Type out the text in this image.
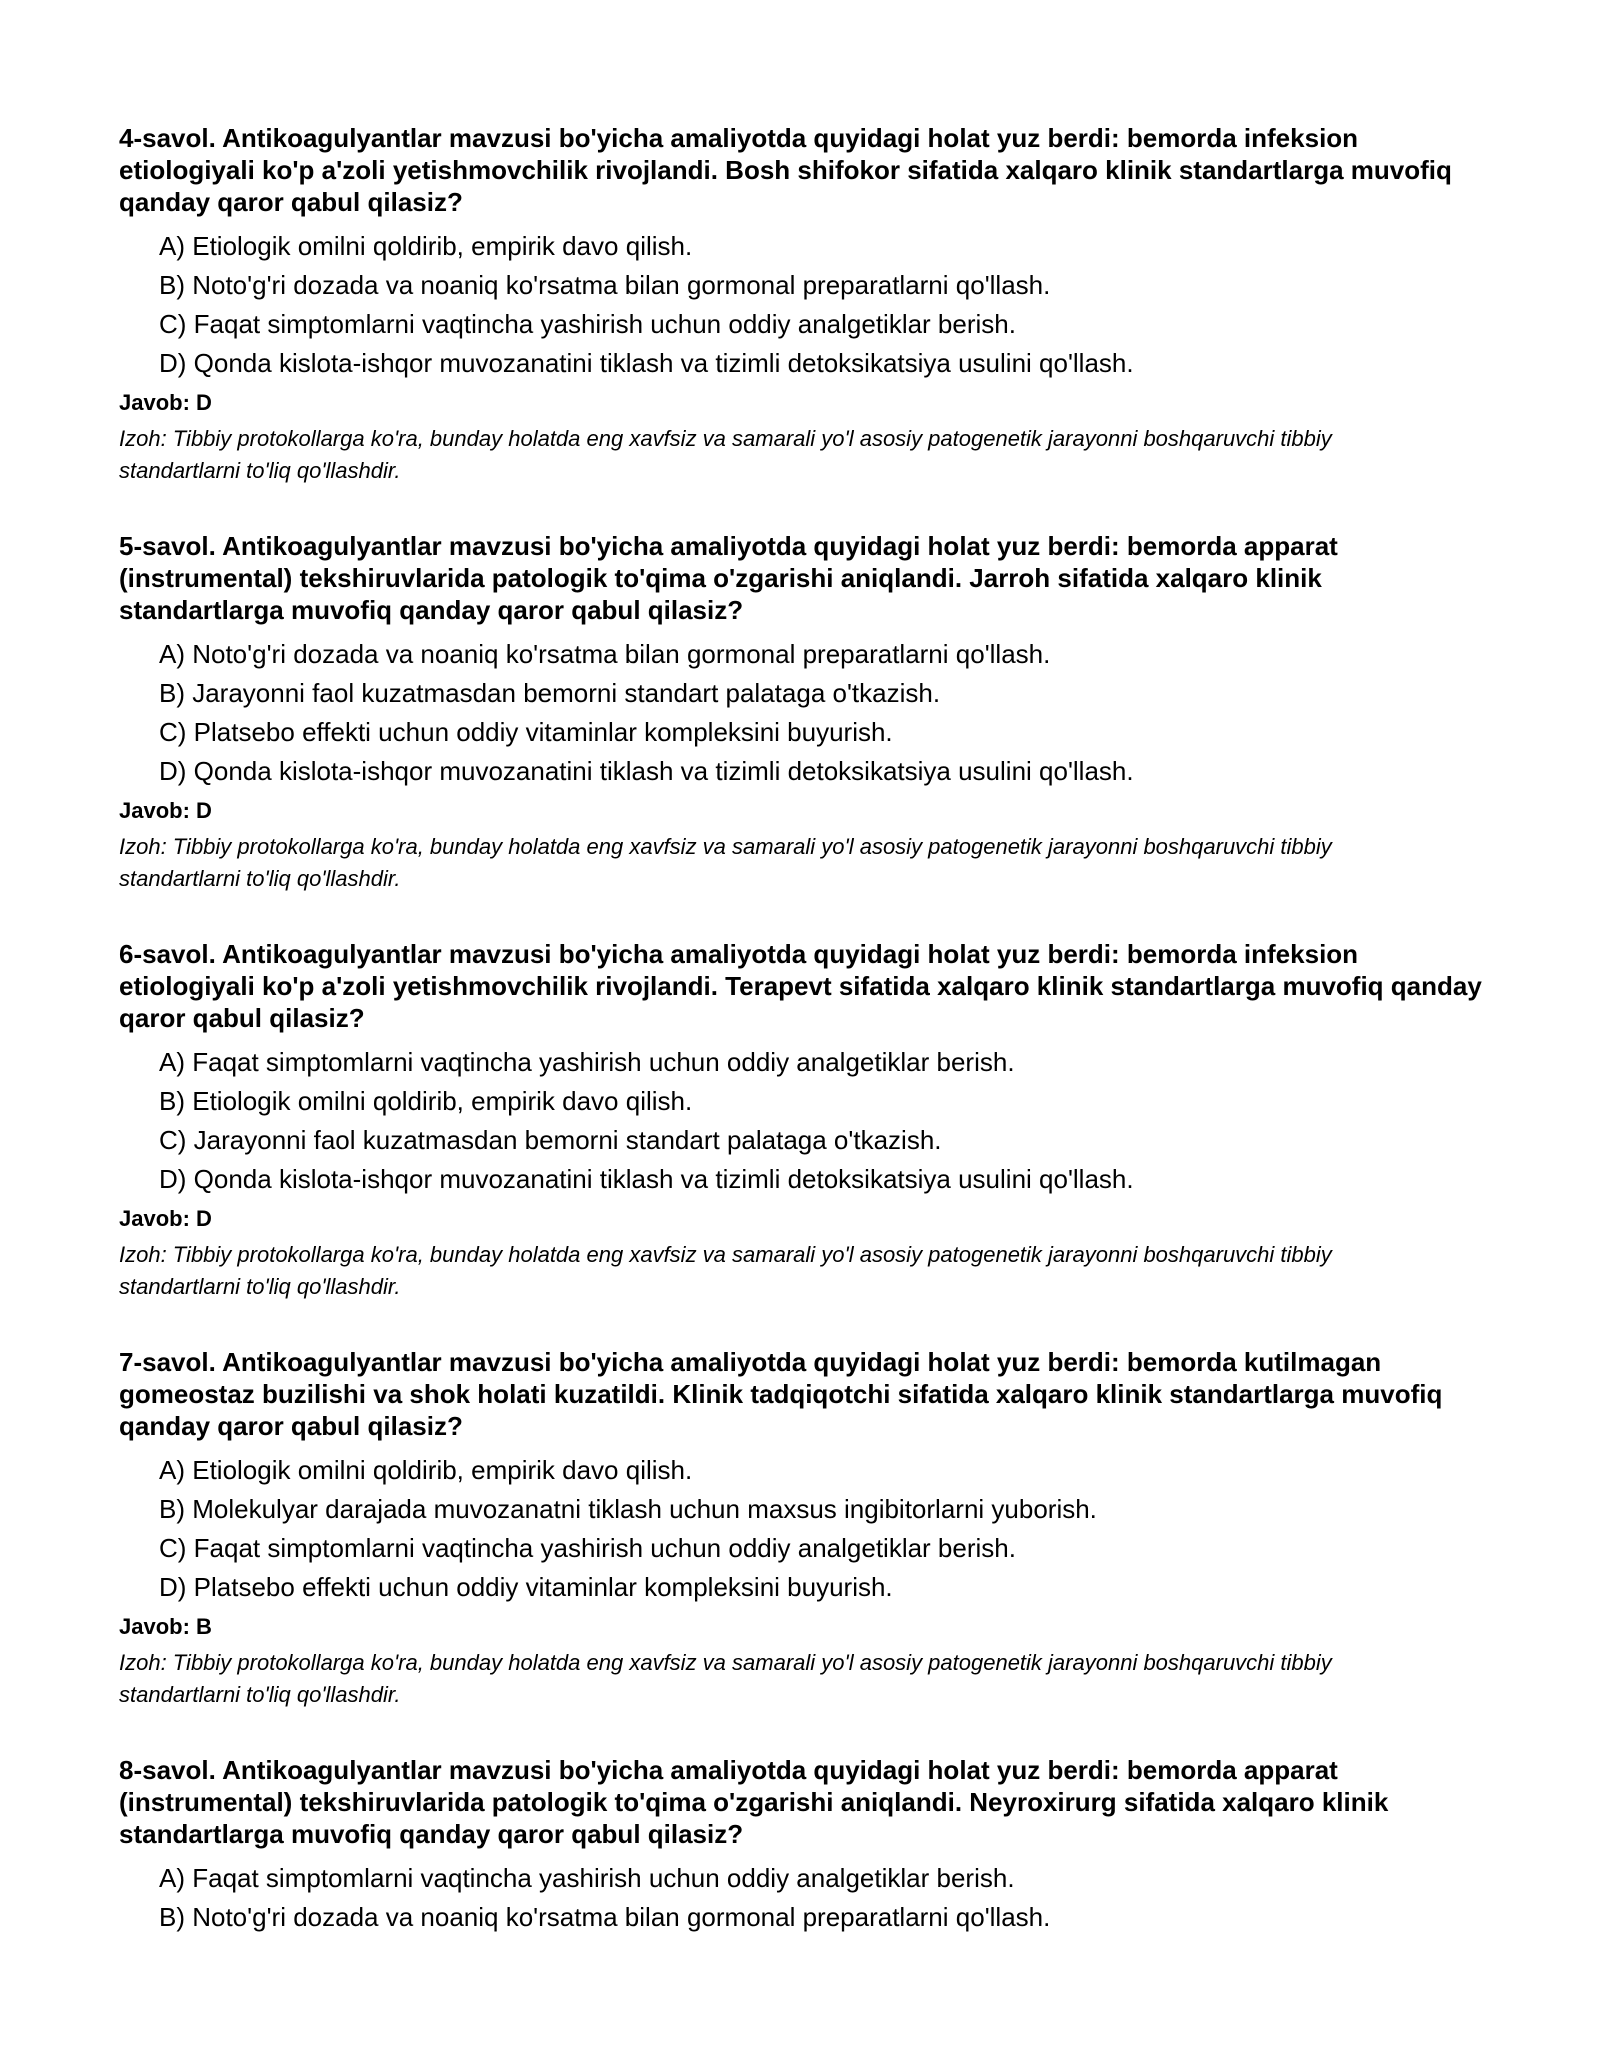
4-savol. Antikoagulyantlar mavzusi bo'yicha amaliyotda quyidagi holat yuz berdi: bemorda infeksion etiologiyali ko'p a'zoli yetishmovchilik rivojlandi. Bosh shifokor sifatida xalqaro klinik standartlarga muvofiq qanday qaror qabul qilasiz?

A) Etiologik omilni qoldirib, empirik davo qilish.
B) Noto'g'ri dozada va noaniq ko'rsatma bilan gormonal preparatlarni qo'llash.
C) Faqat simptomlarni vaqtincha yashirish uchun oddiy analgetiklar berish.
D) Qonda kislota-ishqor muvozanatini tiklash va tizimli detoksikatsiya usulini qo'llash.
Javob: D
Izoh: Tibbiy protokollarga ko'ra, bunday holatda eng xavfsiz va samarali yo'l asosiy patogenetik jarayonni boshqaruvchi tibbiy standartlarni to'liq qo'llashdir.

5-savol. Antikoagulyantlar mavzusi bo'yicha amaliyotda quyidagi holat yuz berdi: bemorda apparat (instrumental) tekshiruvlarida patologik to'qima o'zgarishi aniqlandi. Jarroh sifatida xalqaro klinik standartlarga muvofiq qanday qaror qabul qilasiz?

A) Noto'g'ri dozada va noaniq ko'rsatma bilan gormonal preparatlarni qo'llash.
B) Jarayonni faol kuzatmasdan bemorni standart palataga o'tkazish.
C) Platsebo effekti uchun oddiy vitaminlar kompleksini buyurish.
D) Qonda kislota-ishqor muvozanatini tiklash va tizimli detoksikatsiya usulini qo'llash.
Javob: D
Izoh: Tibbiy protokollarga ko'ra, bunday holatda eng xavfsiz va samarali yo'l asosiy patogenetik jarayonni boshqaruvchi tibbiy standartlarni to'liq qo'llashdir.

6-savol. Antikoagulyantlar mavzusi bo'yicha amaliyotda quyidagi holat yuz berdi: bemorda infeksion etiologiyali ko'p a'zoli yetishmovchilik rivojlandi. Terapevt sifatida xalqaro klinik standartlarga muvofiq qanday qaror qabul qilasiz?

A) Faqat simptomlarni vaqtincha yashirish uchun oddiy analgetiklar berish.
B) Etiologik omilni qoldirib, empirik davo qilish.
C) Jarayonni faol kuzatmasdan bemorni standart palataga o'tkazish.
D) Qonda kislota-ishqor muvozanatini tiklash va tizimli detoksikatsiya usulini qo'llash.
Javob: D
Izoh: Tibbiy protokollarga ko'ra, bunday holatda eng xavfsiz va samarali yo'l asosiy patogenetik jarayonni boshqaruvchi tibbiy standartlarni to'liq qo'llashdir.

7-savol. Antikoagulyantlar mavzusi bo'yicha amaliyotda quyidagi holat yuz berdi: bemorda kutilmagan gomeostaz buzilishi va shok holati kuzatildi. Klinik tadqiqotchi sifatida xalqaro klinik standartlarga muvofiq qanday qaror qabul qilasiz?

A) Etiologik omilni qoldirib, empirik davo qilish.
B) Molekulyar darajada muvozanatni tiklash uchun maxsus ingibitorlarni yuborish.
C) Faqat simptomlarni vaqtincha yashirish uchun oddiy analgetiklar berish.
D) Platsebo effekti uchun oddiy vitaminlar kompleksini buyurish.
Javob: B
Izoh: Tibbiy protokollarga ko'ra, bunday holatda eng xavfsiz va samarali yo'l asosiy patogenetik jarayonni boshqaruvchi tibbiy standartlarni to'liq qo'llashdir.

8-savol. Antikoagulyantlar mavzusi bo'yicha amaliyotda quyidagi holat yuz berdi: bemorda apparat (instrumental) tekshiruvlarida patologik to'qima o'zgarishi aniqlandi. Neyroxirurg sifatida xalqaro klinik standartlarga muvofiq qanday qaror qabul qilasiz?

A) Faqat simptomlarni vaqtincha yashirish uchun oddiy analgetiklar berish.
B) Noto'g'ri dozada va noaniq ko'rsatma bilan gormonal preparatlarni qo'llash.
